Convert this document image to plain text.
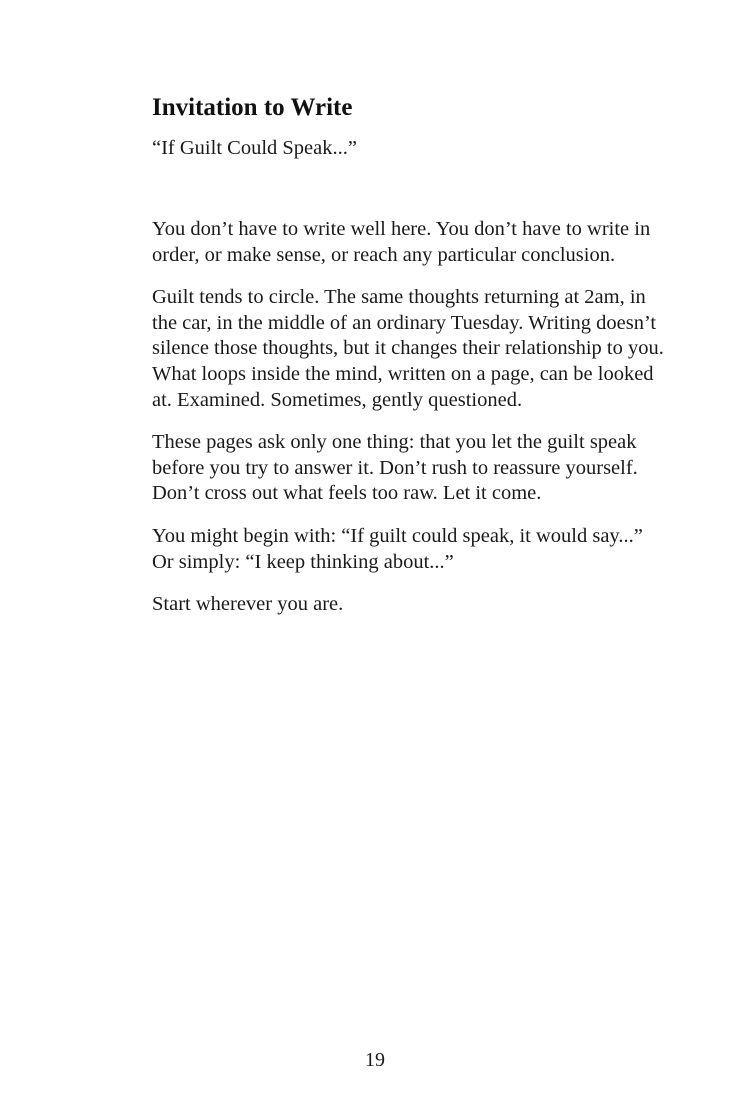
Invitation to Write

“If Guilt Could Speak...”

You don’t have to write well here. You don’t have to write in order, or make sense, or reach any particular conclusion.

Guilt tends to circle. The same thoughts returning at 2am, in the car, in the middle of an ordinary Tuesday. Writing doesn’t silence those thoughts, but it changes their relationship to you. What loops inside the mind, written on a page, can be looked at. Examined. Sometimes, gently questioned.

These pages ask only one thing: that you let the guilt speak before you try to answer it. Don’t rush to reassure yourself. Don’t cross out what feels too raw. Let it come.

You might begin with: “If guilt could speak, it would say...” Or simply: “I keep thinking about...”

Start wherever you are.

19
